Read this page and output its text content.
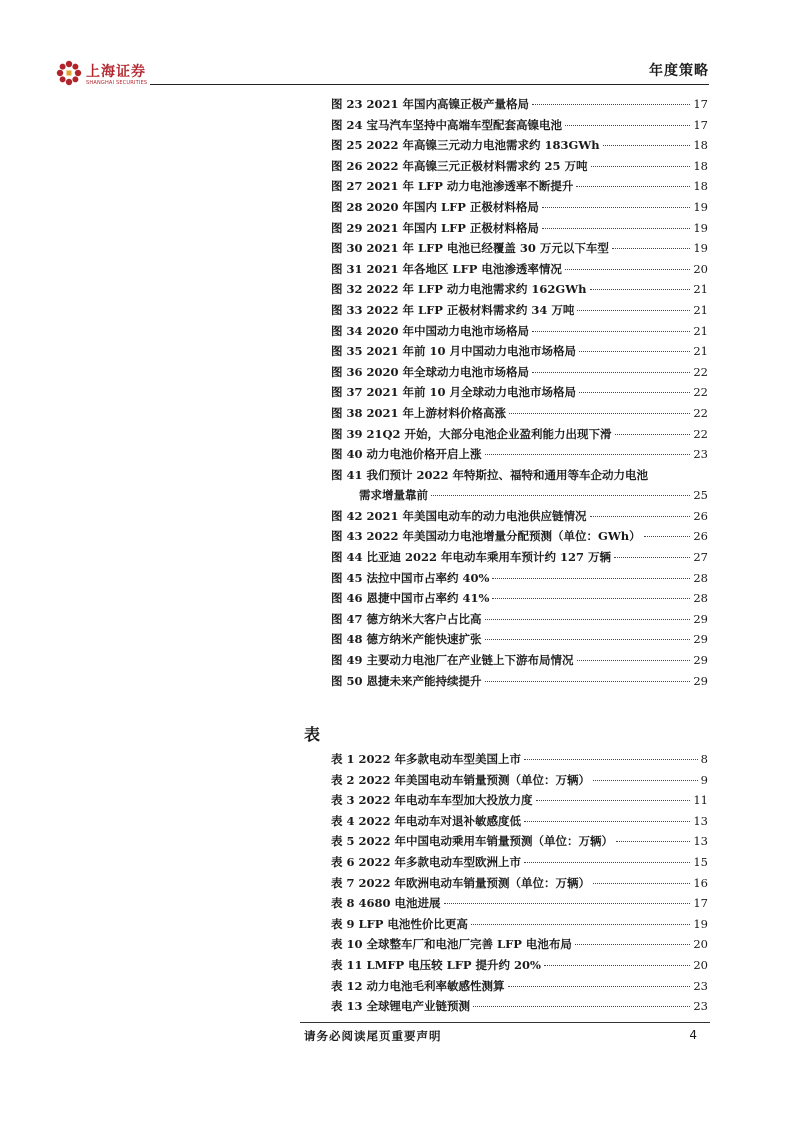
上海证券
SHANGHAI SECURITIES
年度策略
图 23 2021 年国内高镍正极产量格局	17
图 24 宝马汽车坚持中高端车型配套高镍电池	17
图 25 2022 年高镍三元动力电池需求约 183GWh	18
图 26 2022 年高镍三元正极材料需求约 25 万吨	18
图 27 2021 年 LFP 动力电池渗透率不断提升	18
图 28 2020 年国内 LFP 正极材料格局	19
图 29 2021 年国内 LFP 正极材料格局	19
图 30 2021 年 LFP 电池已经覆盖 30 万元以下车型	19
图 31 2021 年各地区 LFP 电池渗透率情况	20
图 32 2022 年 LFP 动力电池需求约 162GWh	21
图 33 2022 年 LFP 正极材料需求约 34 万吨	21
图 34 2020 年中国动力电池市场格局	21
图 35 2021 年前 10 月中国动力电池市场格局	21
图 36 2020 年全球动力电池市场格局	22
图 37 2021 年前 10 月全球动力电池市场格局	22
图 38 2021 年上游材料价格高涨	22
图 39 21Q2 开始，大部分电池企业盈利能力出现下滑	22
图 40 动力电池价格开启上涨	23
图 41 我们预计 2022 年特斯拉、福特和通用等车企动力电池
需求增量靠前	25
图 42 2021 年美国电动车的动力电池供应链情况	26
图 43 2022 年美国动力电池增量分配预测（单位：GWh）	26
图 44 比亚迪 2022 年电动车乘用车预计约 127 万辆	27
图 45 法拉中国市占率约 40%	28
图 46 恩捷中国市占率约 41%	28
图 47 德方纳米大客户占比高	29
图 48 德方纳米产能快速扩张	29
图 49 主要动力电池厂在产业链上下游布局情况	29
图 50 恩捷未来产能持续提升	29
表
表 1 2022 年多款电动车型美国上市	8
表 2 2022 年美国电动车销量预测（单位：万辆）	9
表 3 2022 年电动车车型加大投放力度	11
表 4 2022 年电动车对退补敏感度低	13
表 5 2022 年中国电动乘用车销量预测（单位：万辆）	13
表 6 2022 年多款电动车型欧洲上市	15
表 7 2022 年欧洲电动车销量预测（单位：万辆）	16
表 8 4680 电池进展	17
表 9 LFP 电池性价比更高	19
表 10 全球整车厂和电池厂完善 LFP 电池布局	20
表 11 LMFP 电压较 LFP 提升约 20%	20
表 12 动力电池毛利率敏感性测算	23
表 13 全球锂电产业链预测	23
请务必阅读尾页重要声明	4
